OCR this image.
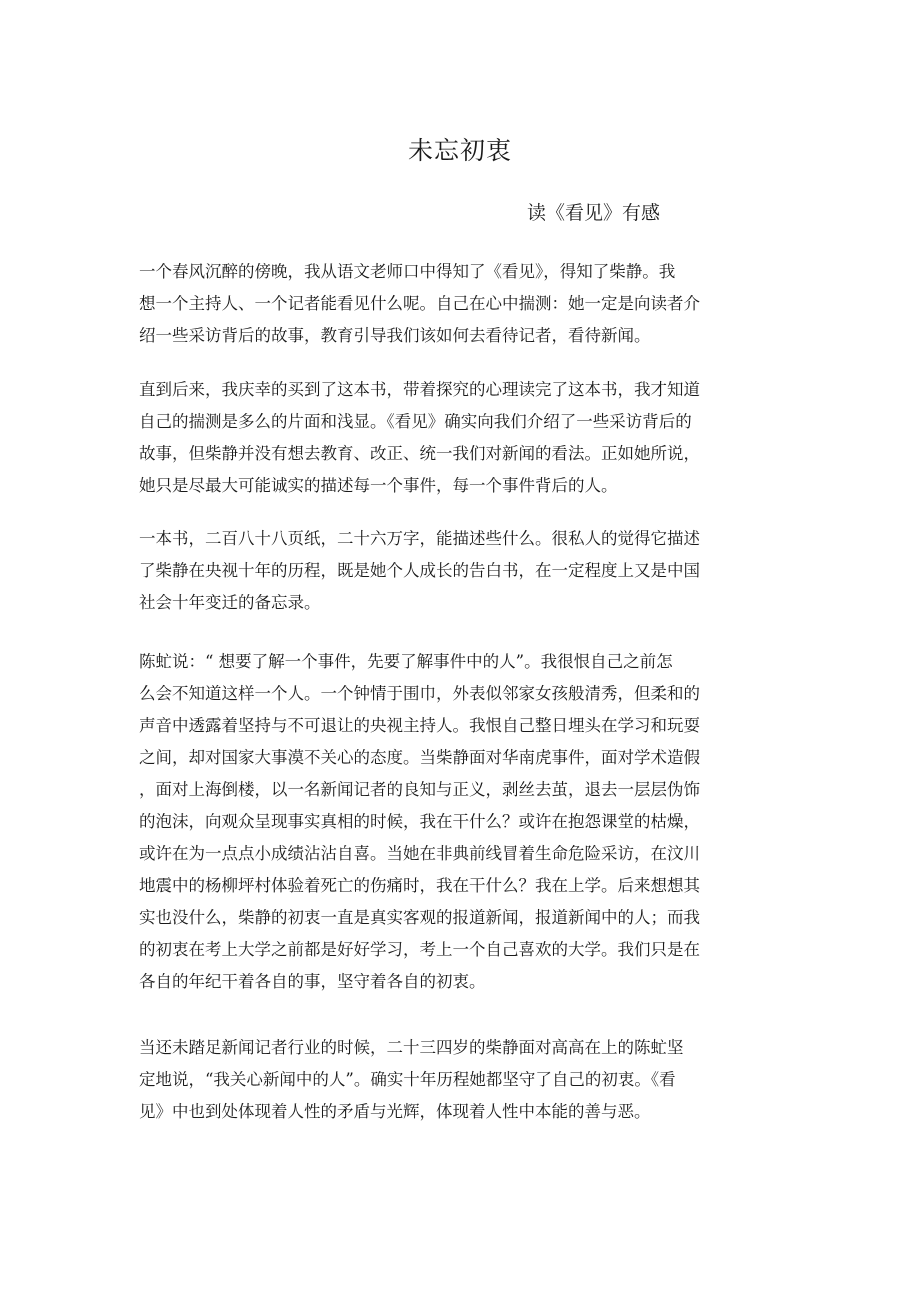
未忘初衷
读《看见》有感
一个春风沉醉的傍晚，我从语文老师口中得知了《看见》，得知了柴静。我
想一个主持人、一个记者能看见什么呢。自己在心中揣测：她一定是向读者介
绍一些采访背后的故事，教育引导我们该如何去看待记者，看待新闻。
直到后来，我庆幸的买到了这本书，带着探究的心理读完了这本书，我才知道
自己的揣测是多么的片面和浅显。《看见》确实向我们介绍了一些采访背后的
故事，但柴静并没有想去教育、改正、统一我们对新闻的看法。正如她所说，
她只是尽最大可能诚实的描述每一个事件，每一个事件背后的人。
一本书，二百八十八页纸，二十六万字，能描述些什么。很私人的觉得它描述
了柴静在央视十年的历程，既是她个人成长的告白书，在一定程度上又是中国
社会十年变迁的备忘录。
陈虻说：“ 想要了解一个事件，先要了解事件中的人”。我很恨自己之前怎
么会不知道这样一个人。一个钟情于围巾，外表似邻家女孩般清秀，但柔和的
声音中透露着坚持与不可退让的央视主持人。我恨自己整日埋头在学习和玩耍
之间，却对国家大事漠不关心的态度。当柴静面对华南虎事件，面对学术造假
，面对上海倒楼，以一名新闻记者的良知与正义，剥丝去茧，退去一层层伪饰
的泡沫，向观众呈现事实真相的时候，我在干什么？或许在抱怨课堂的枯燥，
或许在为一点点小成绩沾沾自喜。当她在非典前线冒着生命危险采访，在汶川
地震中的杨柳坪村体验着死亡的伤痛时，我在干什么？我在上学。后来想想其
实也没什么，柴静的初衷一直是真实客观的报道新闻，报道新闻中的人；而我
的初衷在考上大学之前都是好好学习，考上一个自己喜欢的大学。我们只是在
各自的年纪干着各自的事，坚守着各自的初衷。
当还未踏足新闻记者行业的时候，二十三四岁的柴静面对高高在上的陈虻坚
定地说，“我关心新闻中的人”。确实十年历程她都坚守了自己的初衷。《看
见》中也到处体现着人性的矛盾与光辉，体现着人性中本能的善与恶。
